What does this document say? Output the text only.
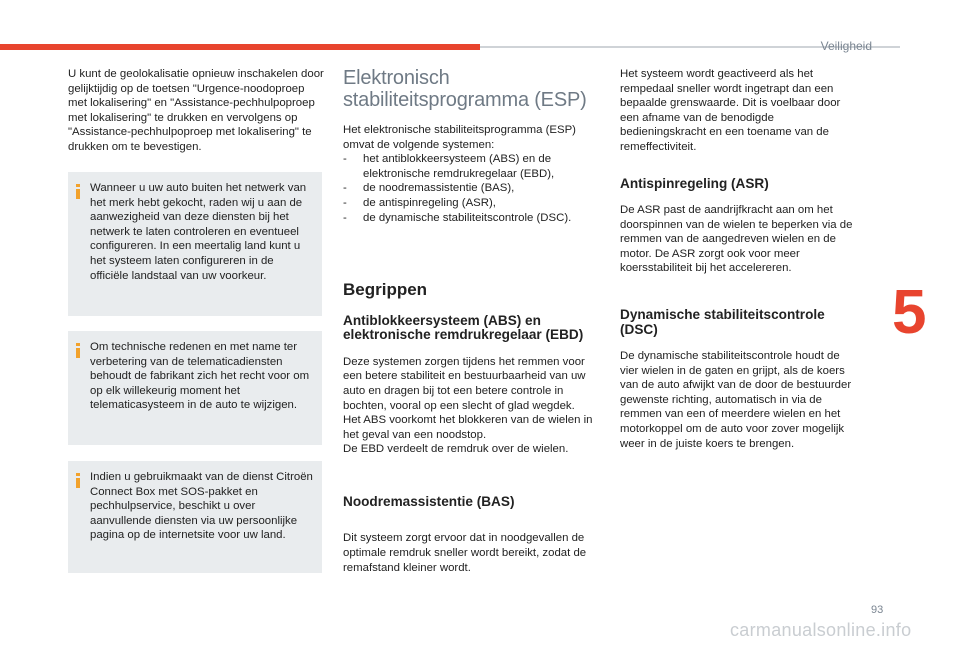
Veiligheid

U kunt de geolokalisatie opnieuw inschakelen door gelijktijdig op de toetsen "Urgence-noodoproep met lokalisering" en "Assistance-pechhulpoproep met lokalisering" te drukken en vervolgens op "Assistance-pechhulpoproep met lokalisering" te drukken om te bevestigen.

Wanneer u uw auto buiten het netwerk van het merk hebt gekocht, raden wij u aan de aanwezigheid van deze diensten bij het netwerk te laten controleren en eventueel configureren. In een meertalig land kunt u het systeem laten configureren in de officiële landstaal van uw voorkeur.

Om technische redenen en met name ter verbetering van de telematicadiensten behoudt de fabrikant zich het recht voor om op elk willekeurig moment het telematicasysteem in de auto te wijzigen.

Indien u gebruikmaakt van de dienst Citroën Connect Box met SOS-pakket en pechhulpservice, beschikt u over aanvullende diensten via uw persoonlijke pagina op de internetsite voor uw land.

Elektronisch stabiliteitsprogramma (ESP)

Het elektronische stabiliteitsprogramma (ESP) omvat de volgende systemen:

-	het antiblokkeersysteem (ABS) en de elektronische remdrukregelaar (EBD),
-	de noodremassistentie (BAS),
-	de antispinregeling (ASR),
-	de dynamische stabiliteitscontrole (DSC).
Begrippen
Antiblokkeersysteem (ABS) en elektronische remdrukregelaar (EBD)

Deze systemen zorgen tijdens het remmen voor een betere stabiliteit en bestuurbaarheid van uw auto en dragen bij tot een betere controle in bochten, vooral op een slecht of glad wegdek.

Het ABS voorkomt het blokkeren van de wielen in het geval van een noodstop.

De EBD verdeelt de remdruk over de wielen.

Noodremassistentie (BAS)

Dit systeem zorgt ervoor dat in noodgevallen de optimale remdruk sneller wordt bereikt, zodat de remafstand kleiner wordt.

Het systeem wordt geactiveerd als het rempedaal sneller wordt ingetrapt dan een bepaalde grenswaarde. Dit is voelbaar door een afname van de benodigde bedieningskracht en een toename van de remeffectiviteit.

Antispinregeling (ASR)

De ASR past de aandrijfkracht aan om het doorspinnen van de wielen te beperken via de remmen van de aangedreven wielen en de motor. De ASR zorgt ook voor meer koersstabiliteit bij het accelereren.

Dynamische stabiliteitscontrole (DSC)

De dynamische stabiliteitscontrole houdt de vier wielen in de gaten en grijpt, als de koers van de auto afwijkt van de door de bestuurder gewenste richting, automatisch in via de remmen van een of meerdere wielen en het motorkoppel om de auto voor zover mogelijk weer in de juiste koers te brengen.

5
93
carmanualsonline.info
